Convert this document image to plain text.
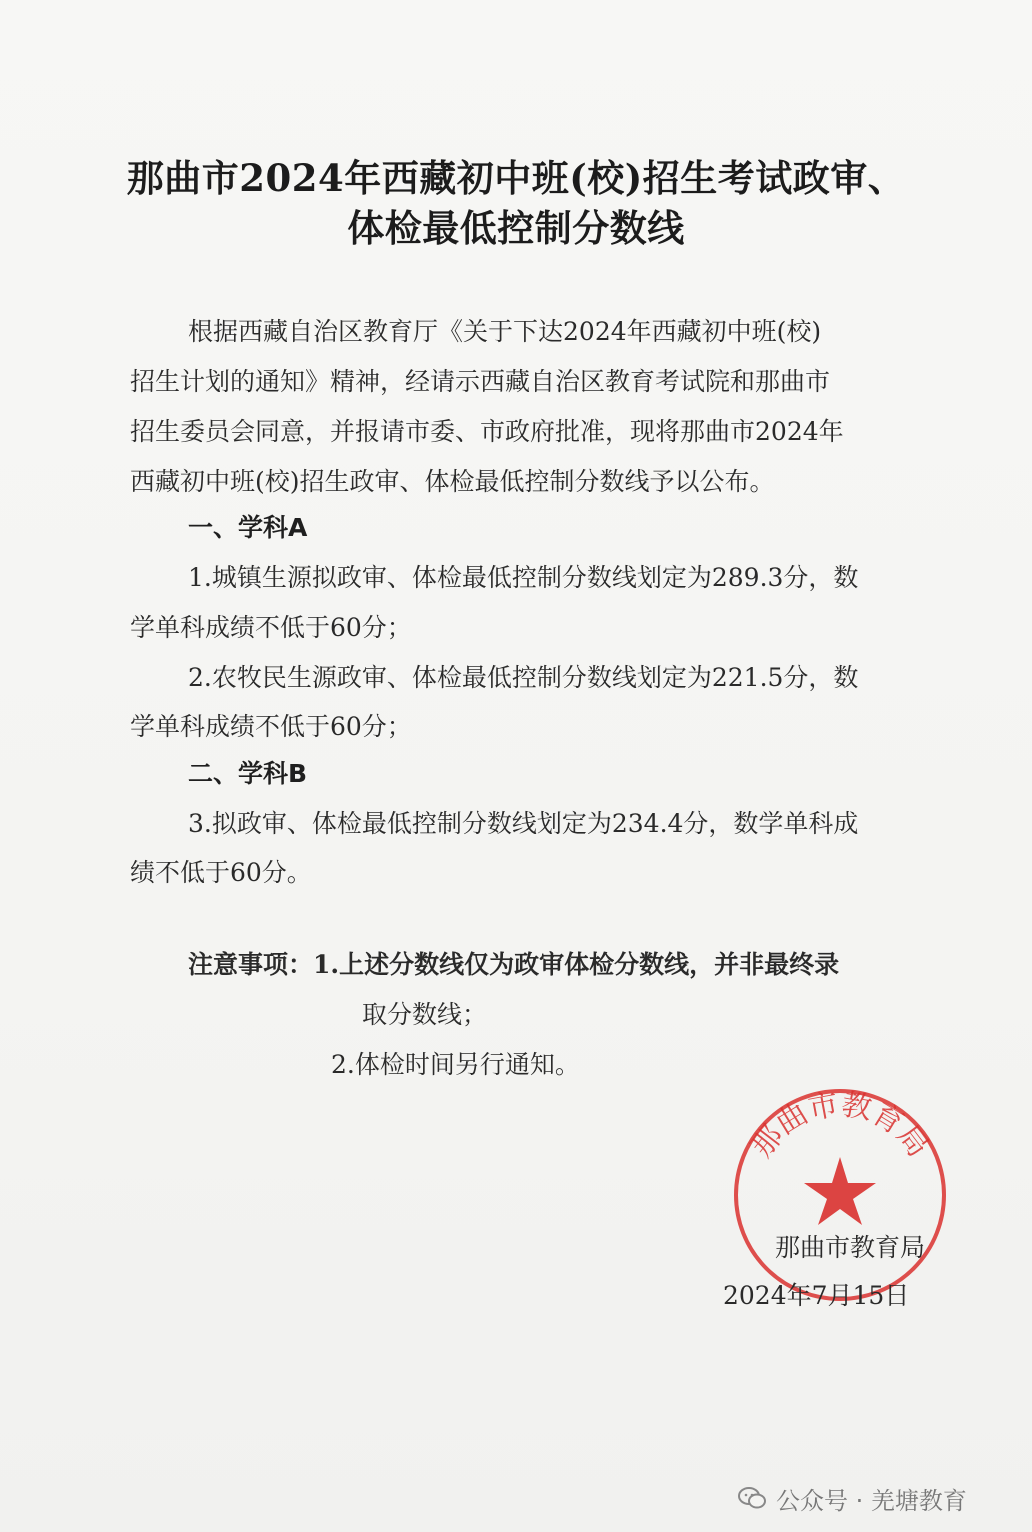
那曲市2024年西藏初中班(校)招生考试政审、
体检最低控制分数线
根据西藏自治区教育厅《关于下达2024年西藏初中班(校)
招生计划的通知》精神，经请示西藏自治区教育考试院和那曲市
招生委员会同意，并报请市委、市政府批准，现将那曲市2024年
西藏初中班(校)招生政审、体检最低控制分数线予以公布。
一、学科A
1.城镇生源拟政审、体检最低控制分数线划定为289.3分，数
学单科成绩不低于60分；
2.农牧民生源政审、体检最低控制分数线划定为221.5分，数
学单科成绩不低于60分；
二、学科B
3.拟政审、体检最低控制分数线划定为234.4分，数学单科成
绩不低于60分。
注意事项：1.上述分数线仅为政审体检分数线，并非最终录
取分数线；
2.体检时间另行通知。
那曲市教育局
那曲市教育局
2024年7月15日
公众号 · 羌塘教育
